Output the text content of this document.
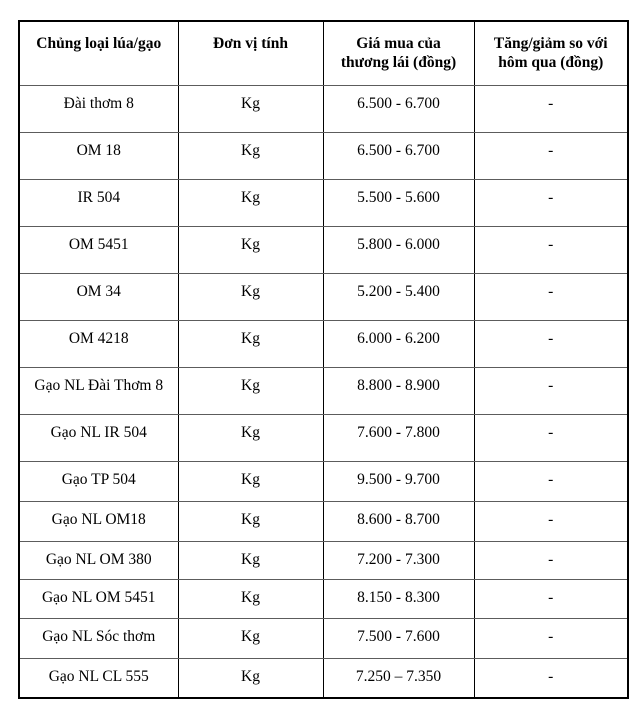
Chủng loại lúa/gạo	Đơn vị tính	Giá mua của
thương lái (đồng)	Tăng/giảm so với
hôm qua (đồng)

Đài thơm 8	Kg	6.500 - 6.700	-
OM 18	Kg	6.500 - 6.700	-
IR 504	Kg	5.500 - 5.600	-
OM 5451	Kg	5.800 - 6.000	-
OM 34	Kg	5.200 - 5.400	-
OM 4218	Kg	6.000 - 6.200	-
Gạo NL Đài Thơm 8	Kg	8.800 - 8.900	-
Gạo NL IR 504	Kg	7.600 - 7.800	-
Gạo TP 504	Kg	9.500 - 9.700	-
Gạo NL OM18	Kg	8.600 - 8.700	-
Gạo NL OM 380	Kg	7.200 - 7.300	-
Gạo NL OM 5451	Kg	8.150 - 8.300	-
Gạo NL Sóc thơm	Kg	7.500 - 7.600	-
Gạo NL CL 555	Kg	7.250 – 7.350	-
